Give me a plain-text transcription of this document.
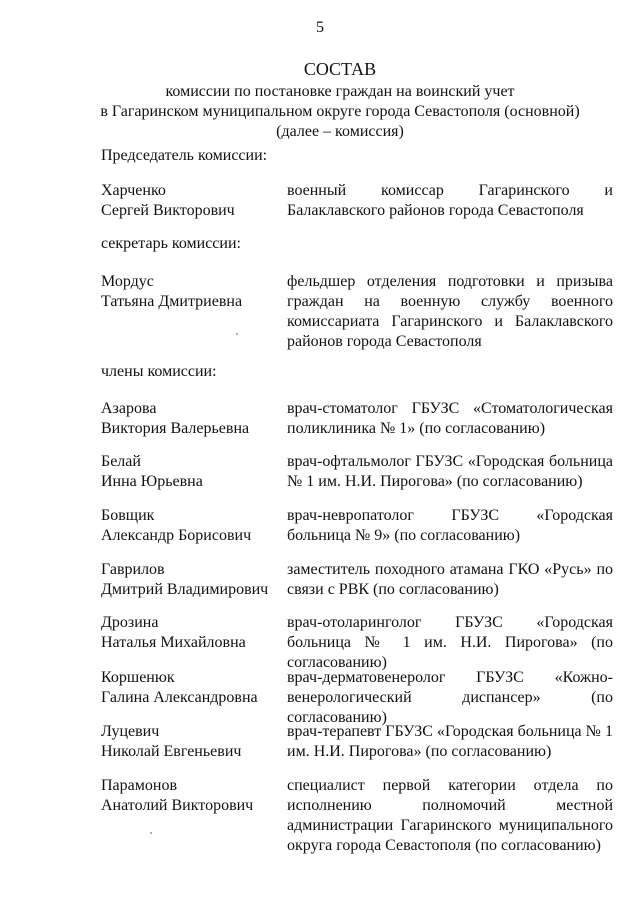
5
СОСТАВ
комиссии по постановке граждан на воинский учет
в Гагаринском муниципальном округе города Севастополя (основной)
(далее – комиссия)
Председатель комиссии:
Харченко
Сергей Викторович
военный комиссар Гагаринского и Балаклавского районов города Севастополя
секретарь комиссии:
Мордус
Татьяна Дмитриевна
фельдшер отделения подготовки и призыва граждан на военную службу военного комиссариата Гагаринского и Балаклавского районов города Севастополя
члены комиссии:
Азарова
Виктория Валерьевна
врач-стоматолог ГБУЗС «Стоматологическая поликлиника № 1» (по согласованию)
Белай
Инна Юрьевна
врач-офтальмолог ГБУЗС «Городская больница № 1 им. Н.И. Пирогова» (по согласованию)
Бовщик
Александр Борисович
врач-невропатолог ГБУЗС «Городская больница № 9» (по согласованию)
Гаврилов
Дмитрий Владимирович
заместитель походного атамана ГКО «Русь» по связи с РВК (по согласованию)
Дрозина
Наталья Михайловна
врач-отоларинголог ГБУЗС «Городская больница № 1 им. Н.И. Пирогова» (по согласованию)
Коршенюк
Галина Александровна
врач-дерматовенеролог ГБУЗС «Кожно-венерологический диспансер» (по согласованию)
Луцевич
Николай Евгеньевич
врач-терапевт ГБУЗС «Городская больница № 1 им. Н.И. Пирогова» (по согласованию)
Парамонов
Анатолий Викторович
специалист первой категории отдела по исполнению полномочий местной администрации Гагаринского муниципального округа города Севастополя (по согласованию)
